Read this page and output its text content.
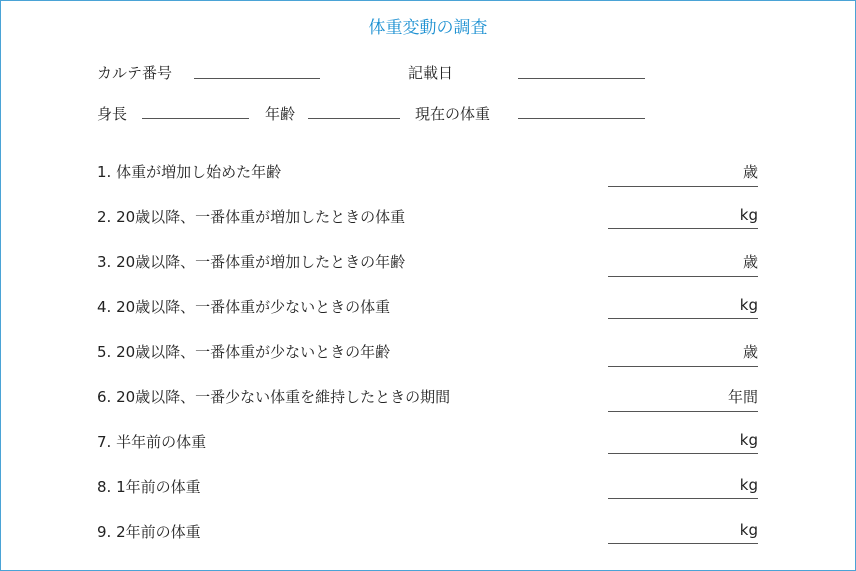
体重変動の調査
カルテ番号	記載日
身長	年齢	現在の体重
1. 体重が増加し始めた年齢	歳
2. 20歳以降、一番体重が増加したときの体重	kg
3. 20歳以降、一番体重が増加したときの年齢	歳
4. 20歳以降、一番体重が少ないときの体重	kg
5. 20歳以降、一番体重が少ないときの年齢	歳
6. 20歳以降、一番少ない体重を維持したときの期間	年間
7. 半年前の体重	kg
8. 1年前の体重	kg
9. 2年前の体重	kg
